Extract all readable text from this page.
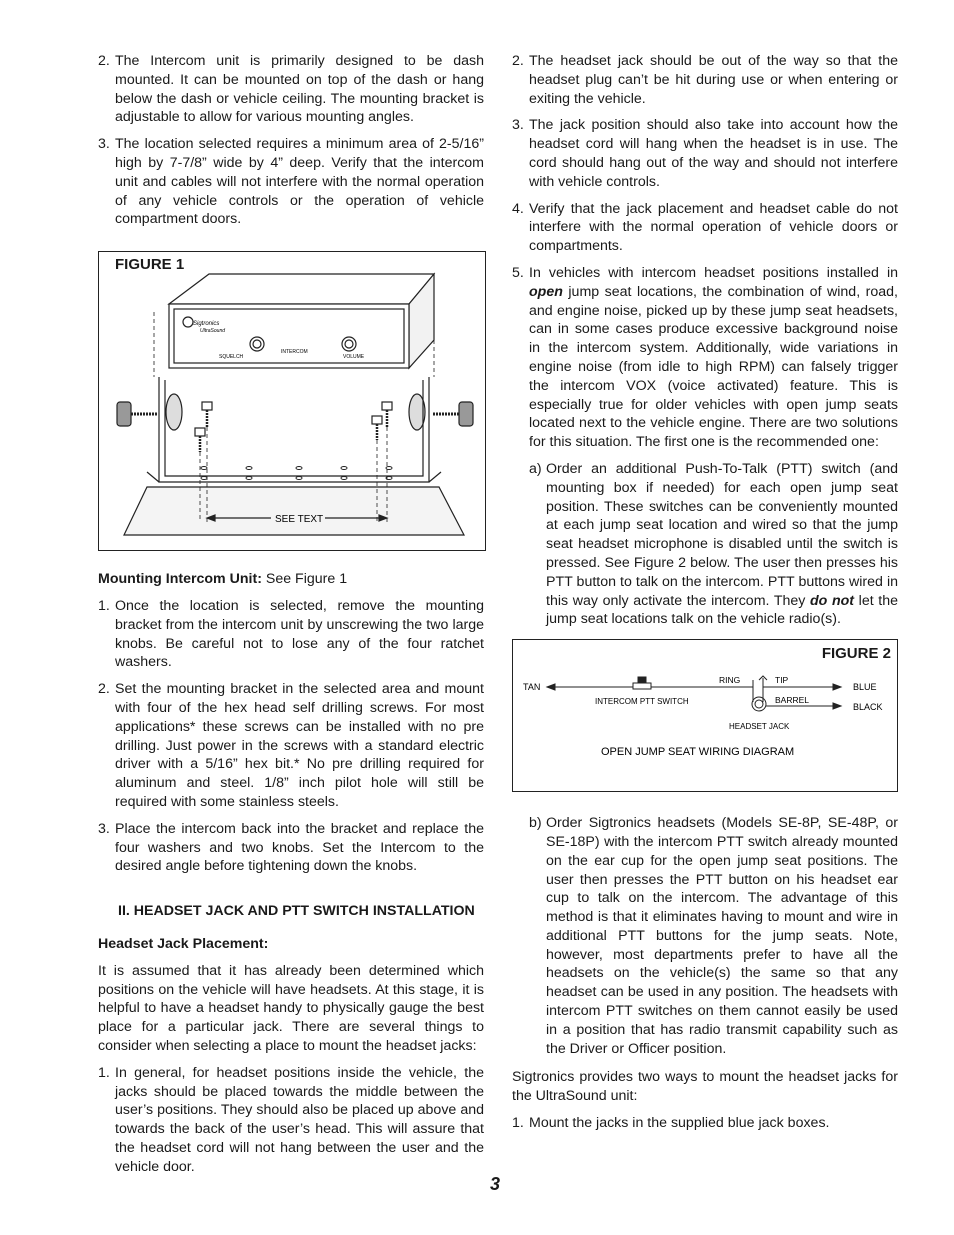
2. The Intercom unit is primarily designed to be dash mounted. It can be mounted on top of the dash or hang below the dash or vehicle ceiling. The mounting bracket is adjustable to allow for various mounting angles.
3. The location selected requires a minimum area of 2-5/16” high by 7-7/8” wide by 4” deep. Verify that the intercom unit and cables will not interfere with the normal operation of any vehicle controls or the operation of vehicle compartment doors.
FIGURE 1
Sigtronics
UltraSound
SQUELCH
INTERCOM
VOLUME
SEE TEXT

Mounting Intercom Unit: See Figure 1

1. Once the location is selected, remove the mounting bracket from the intercom unit by unscrewing the two large knobs. Be careful not to lose any of the four ratchet washers.
2. Set the mounting bracket in the selected area and mount with four of the hex head self drilling screws. For most applications* these screws can be installed with no pre drilling. Just power in the screws with a standard electric driver with a 5/16” hex bit.* No pre drilling required for aluminum and steel. 1/8” inch pilot hole will still be required with some stainless steels.
3. Place the intercom back into the bracket and replace the four washers and two knobs. Set the Intercom to the desired angle before tightening down the knobs.
II. HEADSET JACK AND PTT SWITCH INSTALLATION
Headset Jack Placement:

It is assumed that it has already been determined which positions on the vehicle will have headsets. At this stage, it is helpful to have a headset handy to physically gauge the best place for a particular jack. There are several things to consider when selecting a place to mount the headset jacks:

1. In general, for headset positions inside the vehicle, the jacks should be placed towards the middle between the user’s positions. They should also be placed up above and towards the back of the user’s head. This will assure that the headset cord will not hang between the user and the vehicle door.
2. The headset jack should be out of the way so that the headset plug can’t be hit during use or when entering or exiting the vehicle.
3. The jack position should also take into account how the headset cord will hang when the headset is in use. The cord should hang out of the way and should not interfere with vehicle controls.
4. Verify that the jack placement and headset cable do not interfere with the normal operation of vehicle doors or compartments.
5. In vehicles with intercom headset positions installed in open jump seat locations, the combination of wind, road, and engine noise, picked up by these jump seat headsets, can in some cases produce excessive background noise in the intercom system. Additionally, wide variations in engine noise (from idle to high RPM) can falsely trigger the intercom VOX (voice activated) feature. This is especially true for older vehicles with open jump seats located next to the vehicle engine. There are two solutions for this situation. The first one is the recommended one:
a) Order an additional Push-To-Talk (PTT) switch (and mounting box if needed) for each open jump seat position. These switches can be conveniently mounted at each jump seat location and wired so that the jump seat headset microphone is disabled until the switch is pressed. See Figure 2 below. The user then presses his PTT button to talk on the intercom. PTT buttons wired in this way only activate the intercom. They do not let the jump seat locations talk on the vehicle radio(s).
FIGURE 2
TAN
INTERCOM PTT SWITCH
RING	TIP
BARREL
HEADSET JACK
BLUE
BLACK
OPEN JUMP SEAT WIRING DIAGRAM
b) Order Sigtronics headsets (Models SE-8P, SE-48P, or SE-18P) with the intercom PTT switch already mounted on the ear cup for the open jump seat positions. The user then presses the PTT button on his headset ear cup to talk on the intercom. The advantage of this method is that it eliminates having to mount and wire in additional PTT buttons for the jump seats. Note, however, most departments prefer to have all the headsets on the vehicle(s) the same so that any headset can be used in any position. The headsets with intercom PTT switches on them cannot easily be used in a position that has radio transmit capability such as the Driver or Officer position.

Sigtronics provides two ways to mount the headset jacks for the UltraSound unit:

1. Mount the jacks in the supplied blue jack boxes.
3
